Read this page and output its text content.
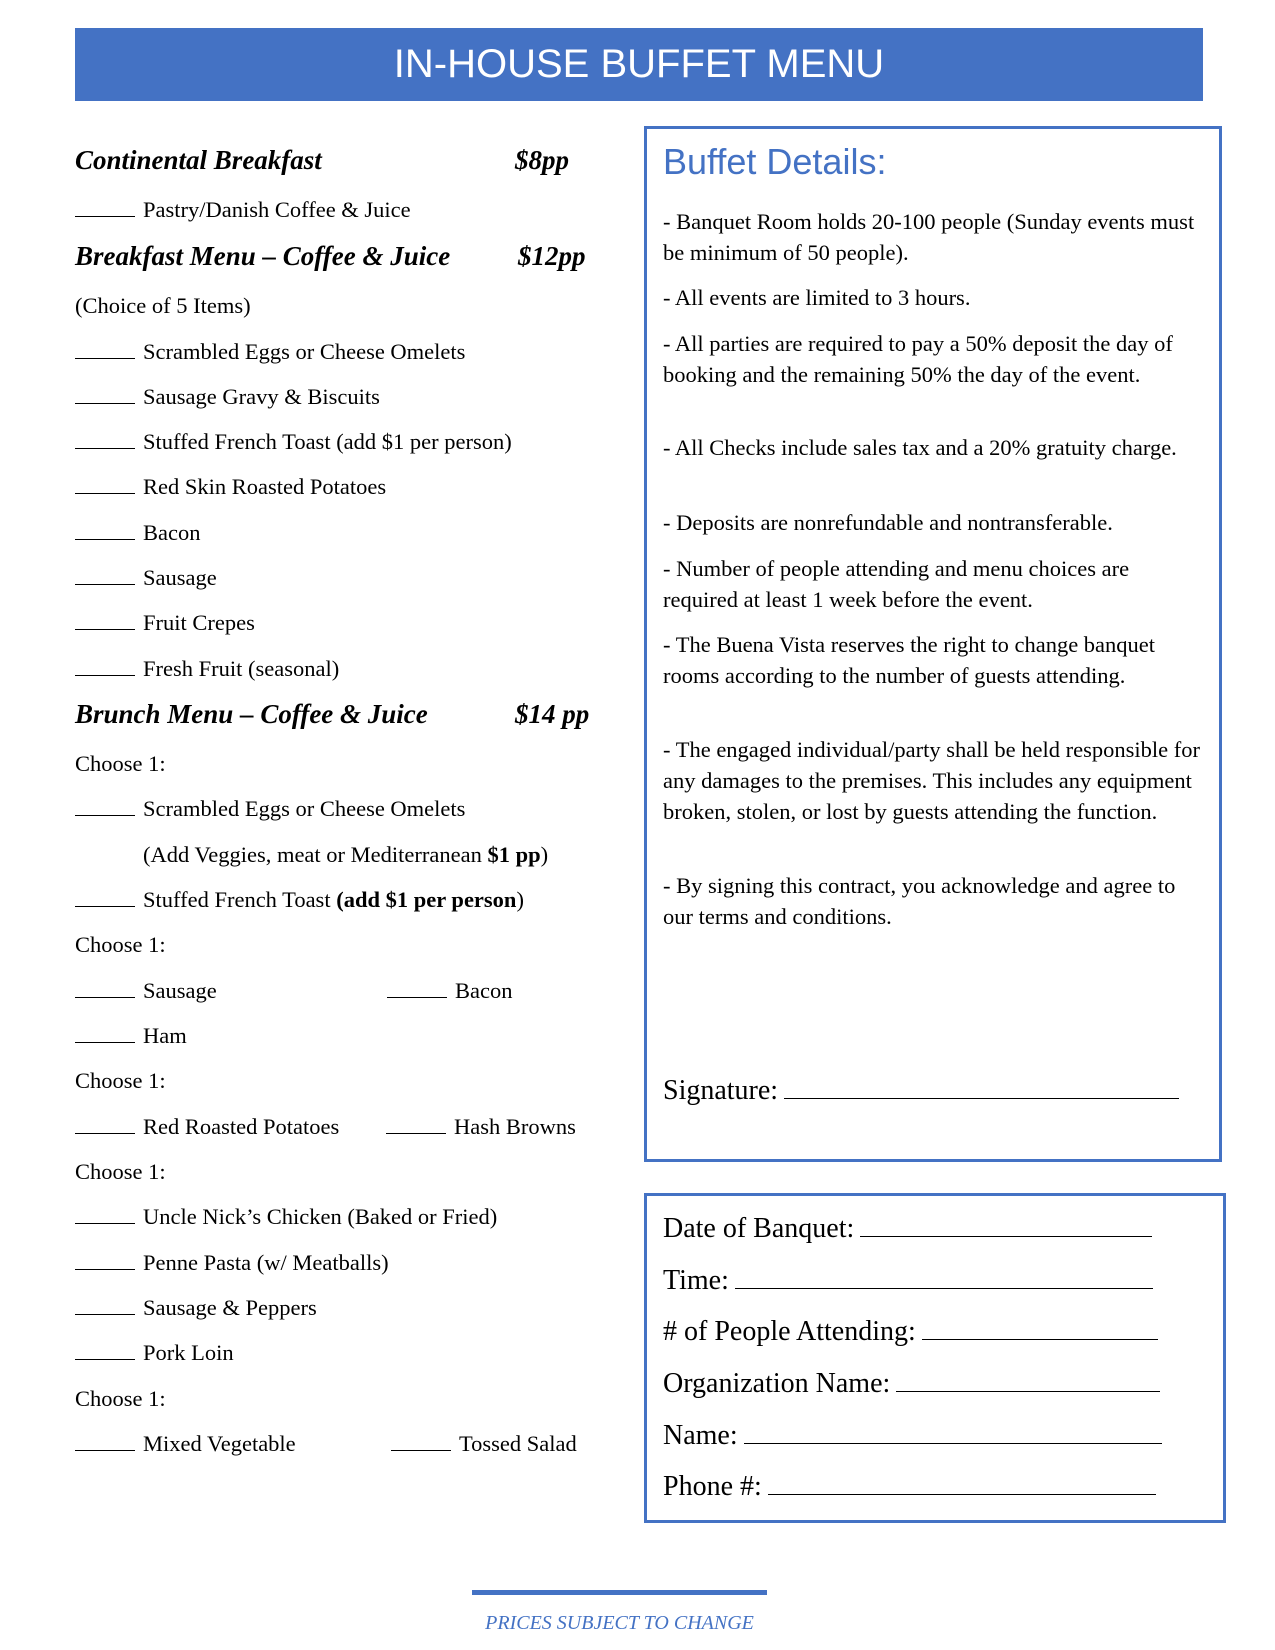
IN-HOUSE BUFFET MENU
Continental Breakfast	$8pp
Pastry/Danish Coffee & Juice
Breakfast Menu – Coffee & Juice	$12pp
(Choice of 5 Items)
Scrambled Eggs or Cheese Omelets
Sausage Gravy & Biscuits
Stuffed French Toast (add $1 per person)
Red Skin Roasted Potatoes
Bacon
Sausage
Fruit Crepes
Fresh Fruit (seasonal)
Brunch Menu – Coffee & Juice	$14 pp
Choose 1:
Scrambled Eggs or Cheese Omelets
(Add Veggies, meat or Mediterranean $1 pp)
Stuffed French Toast (add $1 per person)
Choose 1:
Sausage	Bacon
Ham
Choose 1:
Red Roasted Potatoes	Hash Browns
Choose 1:
Uncle Nick’s Chicken (Baked or Fried)
Penne Pasta (w/ Meatballs)
Sausage & Peppers
Pork Loin
Choose 1:
Mixed Vegetable	Tossed Salad
Buffet Details:
- Banquet Room holds 20-100 people (Sunday events must be minimum of 50 people).
- All events are limited to 3 hours.
- All parties are required to pay a 50% deposit the day of booking and the remaining 50% the day of the event.
- All Checks include sales tax and a 20% gratuity charge.
- Deposits are nonrefundable and nontransferable.
- Number of people attending and menu choices are required at least 1 week before the event.
- The Buena Vista reserves the right to change banquet rooms according to the number of guests attending.
- The engaged individual/party shall be held responsible for any damages to the premises. This includes any equipment broken, stolen, or lost by guests attending the function.
- By signing this contract, you acknowledge and agree to our terms and conditions.
Signature:
Date of Banquet:
Time:
# of People Attending:
Organization Name:
Name:
Phone #:
PRICES SUBJECT TO CHANGE
